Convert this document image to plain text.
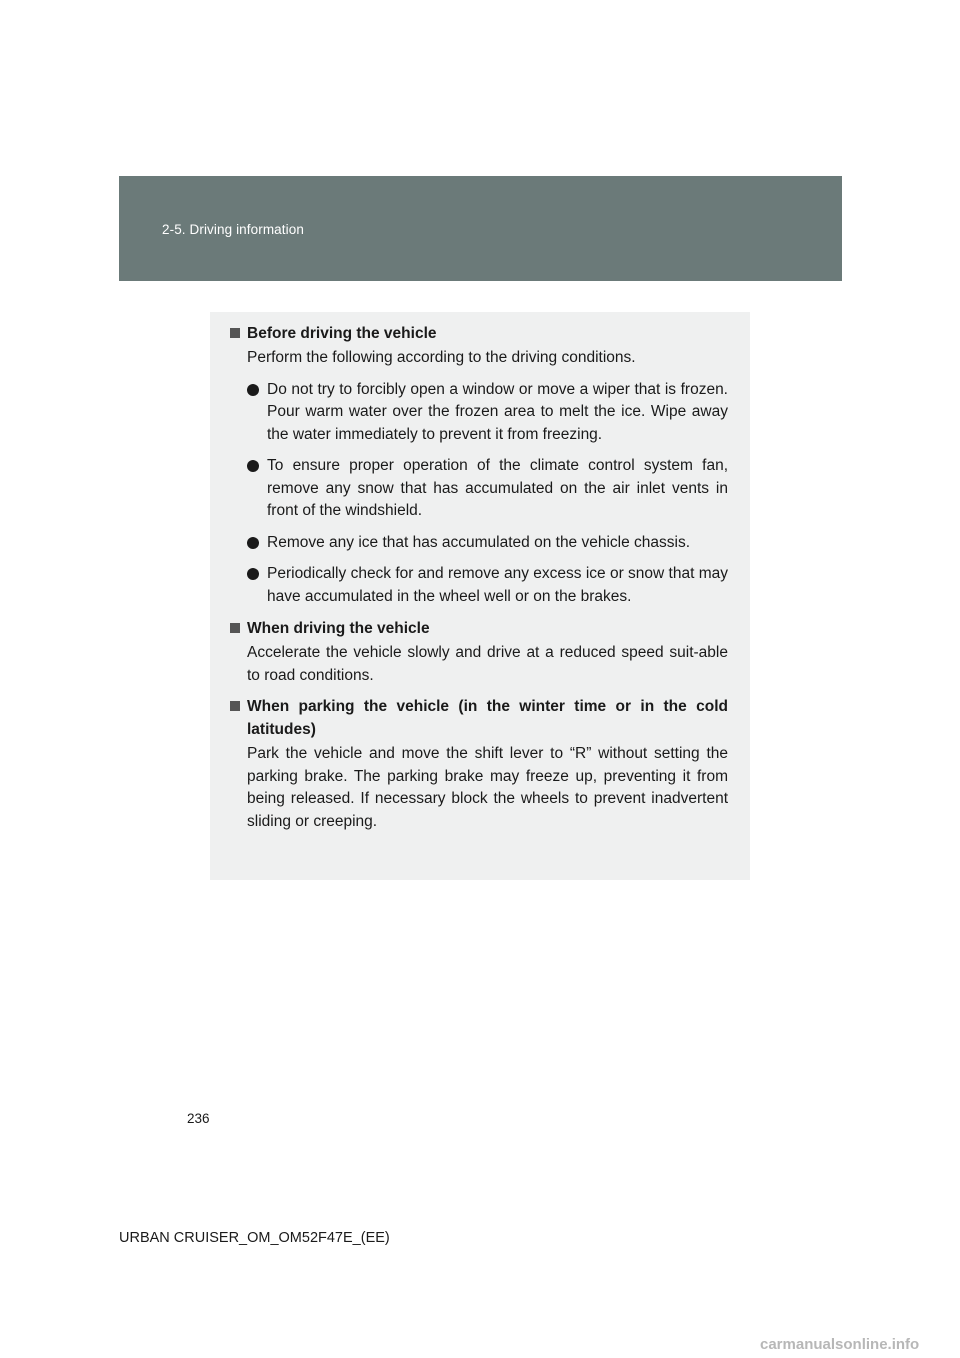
2-5. Driving information
Before driving the vehicle
Perform the following according to the driving conditions.
Do not try to forcibly open a window or move a wiper that is frozen. Pour warm water over the frozen area to melt the ice. Wipe away the water immediately to prevent it from freezing.
To ensure proper operation of the climate control system fan, remove any snow that has accumulated on the air inlet vents in front of the windshield.
Remove any ice that has accumulated on the vehicle chassis.
Periodically check for and remove any excess ice or snow that may have accumulated in the wheel well or on the brakes.
When driving the vehicle
Accelerate the vehicle slowly and drive at a reduced speed suit-able to road conditions.
When parking the vehicle (in the winter time or in the cold latitudes)
Park the vehicle and move the shift lever to “R” without setting the parking brake. The parking brake may freeze up, preventing it from being released. If necessary block the wheels to prevent inadvertent sliding or creeping.
236
URBAN CRUISER_OM_OM52F47E_(EE)
carmanualsonline.info
